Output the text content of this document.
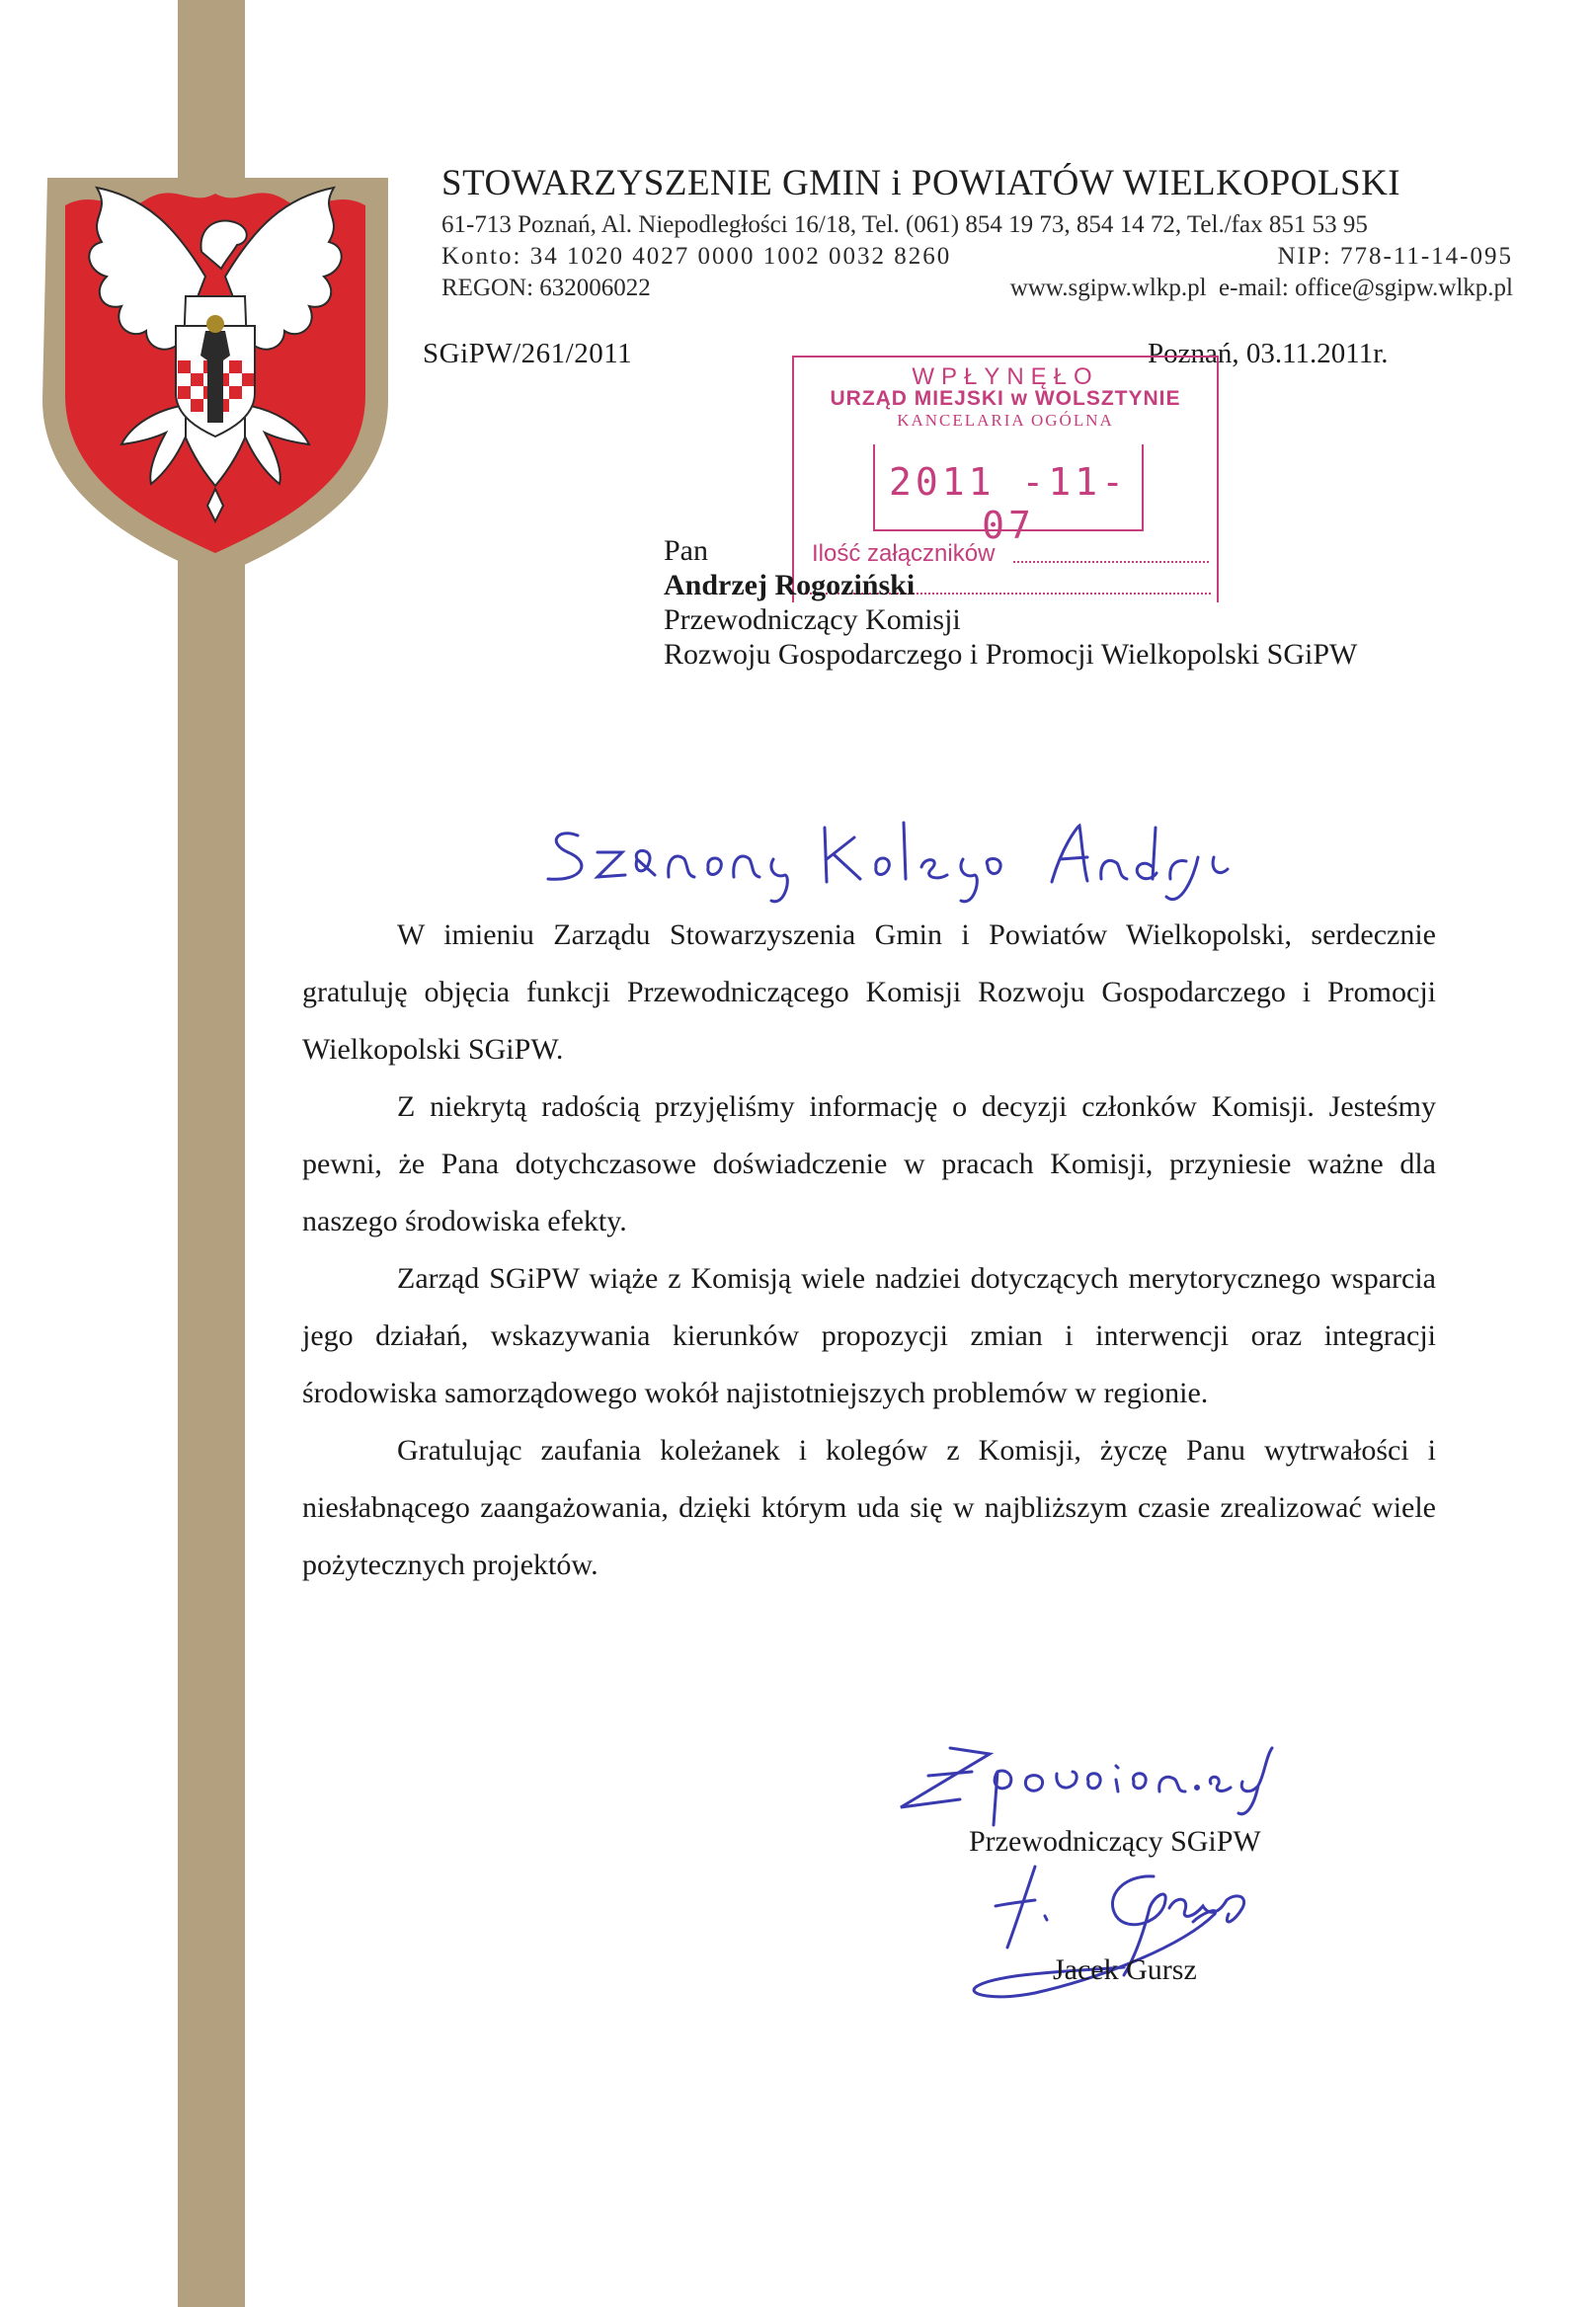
STOWARZYSZENIE GMIN i POWIATÓW WIELKOPOLSKI
61-713 Poznań, Al. Niepodległości 16/18, Tel. (061) 854 19 73, 854 14 72, Tel./fax 851 53 95
Konto: 34 1020 4027 0000 1002 0032 8260	NIP: 778-11-14-095
REGON: 632006022	www.sgipw.wlkp.pl e-mail: office@sgipw.wlkp.pl
SGiPW/261/2011	Poznań, 03.11.2011r.
WPŁYNĘŁO
URZĄD MIEJSKI w WOLSZTYNIE
KANCELARIA OGÓLNA
2011 -11- 07
Ilość załączników
Pan
Andrzej Rogoziński
Przewodniczący Komisji
Rozwoju Gospodarczego i Promocji Wielkopolski SGiPW

W imieniu Zarządu Stowarzyszenia Gmin i Powiatów Wielkopolski, serdecznie gratuluję objęcia funkcji Przewodniczącego Komisji Rozwoju Gospodarczego i Promocji Wielkopolski SGiPW.

Z niekrytą radością przyjęliśmy informację o decyzji członków Komisji. Jesteśmy pewni, że Pana dotychczasowe doświadczenie w pracach Komisji, przyniesie ważne dla naszego środowiska efekty.

Zarząd SGiPW wiąże z Komisją wiele nadziei dotyczących merytorycznego wsparcia jego działań, wskazywania kierunków propozycji zmian i interwencji oraz integracji środowiska samorządowego wokół najistotniejszych problemów w regionie.

Gratulując zaufania koleżanek i kolegów z Komisji, życzę Panu wytrwałości i niesłabnącego zaangażowania, dzięki którym uda się w najbliższym czasie zrealizować wiele pożytecznych projektów.

Przewodniczący SGiPW
Jacek Gursz
